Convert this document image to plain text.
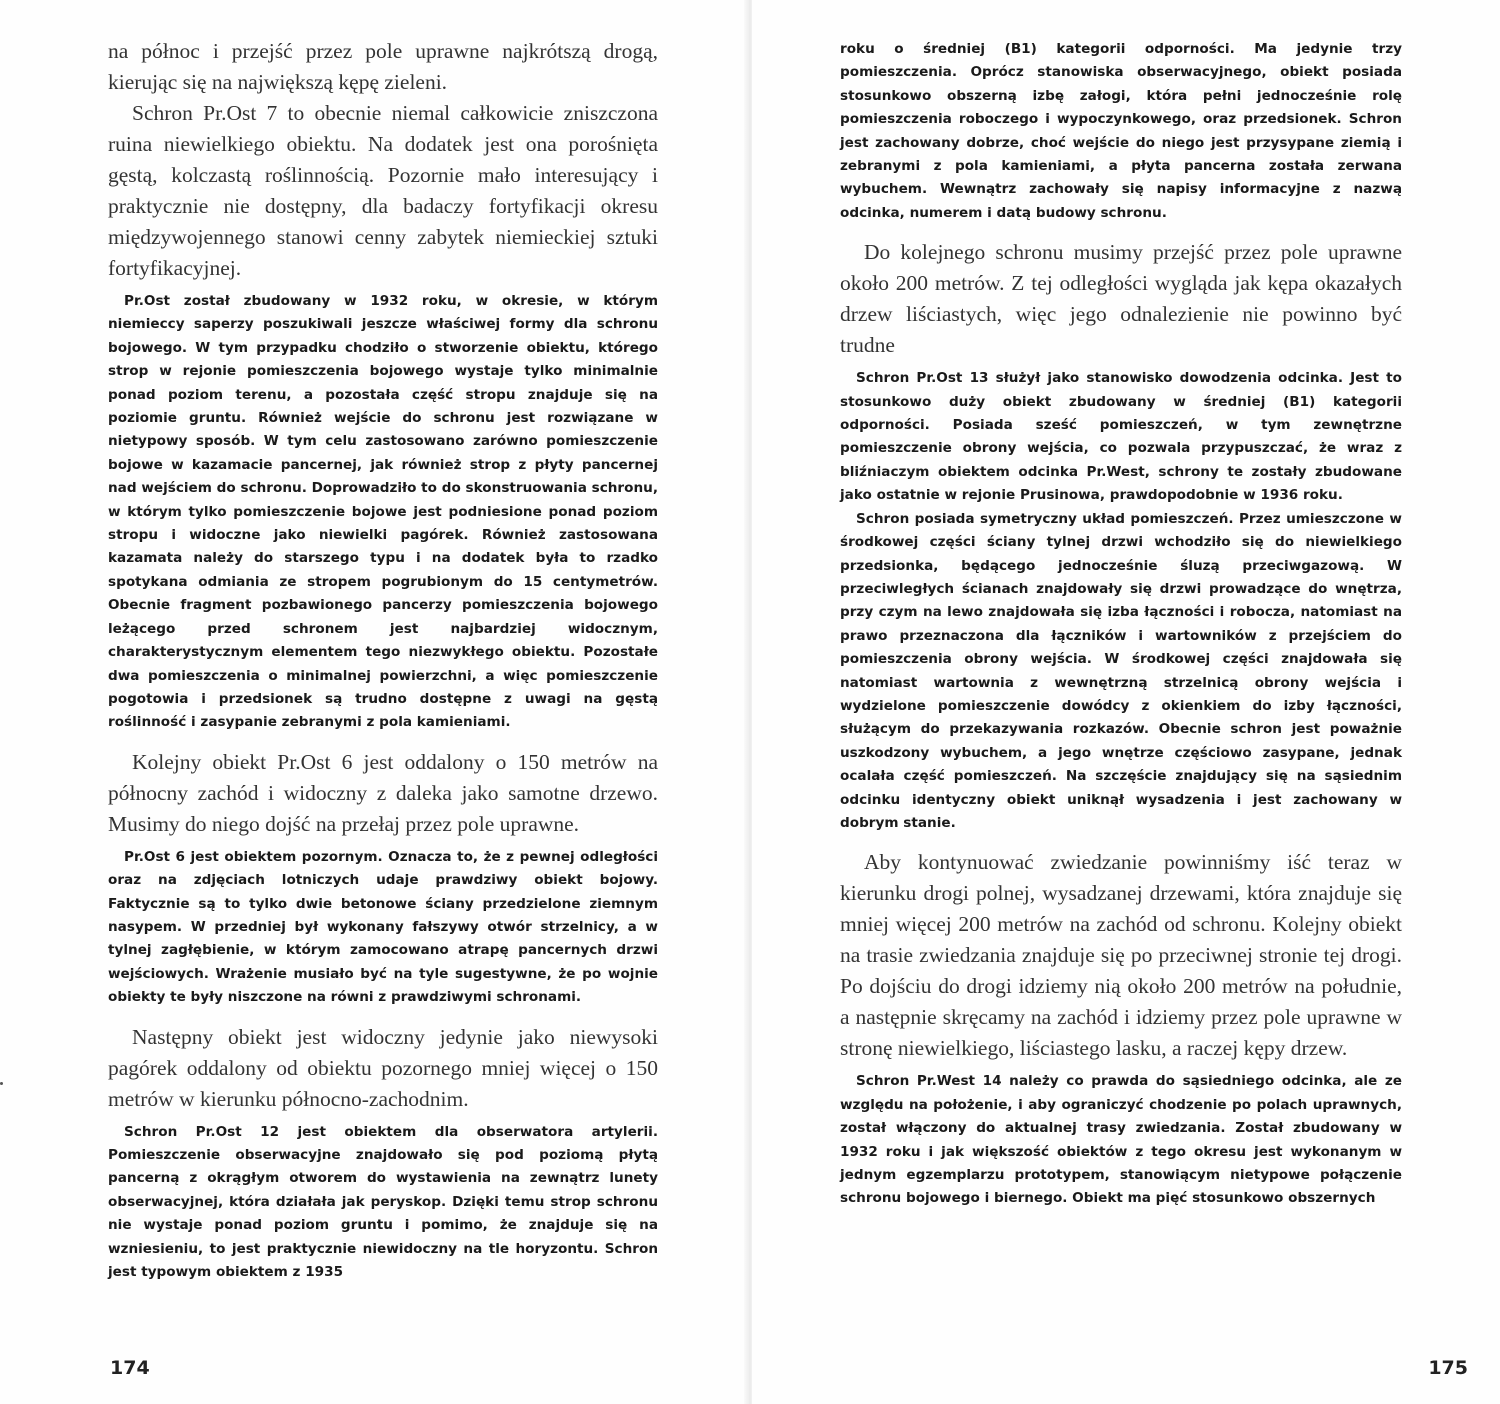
na północ i przejść przez pole uprawne najkrótszą drogą, kierując się na największą kępę zieleni.

Schron Pr.Ost 7 to obecnie niemal całkowicie zniszczona ruina niewielkiego obiektu. Na dodatek jest ona porośnięta gęstą, kolczastą roślinnością. Pozornie mało interesujący i praktycznie nie dostępny, dla badaczy fortyfikacji okresu międzywojennego stanowi cenny zabytek niemieckiej sztuki fortyfikacyjnej.

Pr.Ost został zbudowany w 1932 roku, w okresie, w którym niemieccy saperzy poszukiwali jeszcze właściwej formy dla schronu bojowego. W tym przypadku chodziło o stworzenie obiektu, którego strop w rejonie pomieszczenia bojowego wystaje tylko minimalnie ponad poziom terenu, a pozostała część stropu znajduje się na poziomie gruntu. Również wejście do schronu jest rozwiązane w nietypowy sposób. W tym celu zastosowano zarówno pomieszczenie bojowe w kazamacie pancernej, jak również strop z płyty pancernej nad wejściem do schronu. Doprowadziło to do skonstruowania schronu, w którym tylko pomieszczenie bojowe jest podniesione ponad poziom stropu i widoczne jako niewielki pagórek. Również zastosowana kazamata należy do starszego typu i na dodatek była to rzadko spotykana odmiania ze stropem pogrubionym do 15 centymetrów. Obecnie fragment pozbawionego pancerzy pomieszczenia bojowego leżącego przed schronem jest najbardziej widocznym, charakterystycznym elementem tego niezwykłego obiektu. Pozostałe dwa pomieszczenia o minimalnej powierzchni, a więc pomieszczenie pogotowia i przedsionek są trudno dostępne z uwagi na gęstą roślinność i zasypanie zebranymi z pola kamieniami.

Kolejny obiekt Pr.Ost 6 jest oddalony o 150 metrów na północny zachód i widoczny z daleka jako samotne drzewo. Musimy do niego dojść na przełaj przez pole uprawne.

Pr.Ost 6 jest obiektem pozornym. Oznacza to, że z pewnej odległości oraz na zdjęciach lotniczych udaje prawdziwy obiekt bojowy. Faktycznie są to tylko dwie betonowe ściany przedzielone ziemnym nasypem. W przedniej był wykonany fałszywy otwór strzelnicy, a w tylnej zagłębienie, w którym zamocowano atrapę pancernych drzwi wejściowych. Wrażenie musiało być na tyle sugestywne, że po wojnie obiekty te były niszczone na równi z prawdziwymi schronami.

Następny obiekt jest widoczny jedynie jako niewysoki pagórek oddalony od obiektu pozornego mniej więcej o 150 metrów w kierunku północno-zachodnim.

Schron Pr.Ost 12 jest obiektem dla obserwatora artylerii. Pomieszczenie obserwacyjne znajdowało się pod poziomą płytą pancerną z okrągłym otworem do wystawienia na zewnątrz lunety obserwacyjnej, która działała jak peryskop. Dzięki temu strop schronu nie wystaje ponad poziom gruntu i pomimo, że znajduje się na wzniesieniu, to jest praktycznie niewidoczny na tle horyzontu. Schron jest typowym obiektem z 1935

174

roku o średniej (B1) kategorii odporności. Ma jedynie trzy pomieszczenia. Oprócz stanowiska obserwacyjnego, obiekt posiada stosunkowo obszerną izbę załogi, która pełni jednocześnie rolę pomieszczenia roboczego i wypoczynkowego, oraz przedsionek. Schron jest zachowany dobrze, choć wejście do niego jest przysypane ziemią i zebranymi z pola kamieniami, a płyta pancerna została zerwana wybuchem. Wewnątrz zachowały się napisy informacyjne z nazwą odcinka, numerem i datą budowy schronu.

Do kolejnego schronu musimy przejść przez pole uprawne około 200 metrów. Z tej odległości wygląda jak kępa okazałych drzew liściastych, więc jego odnalezienie nie powinno być trudne

Schron Pr.Ost 13 służył jako stanowisko dowodzenia odcinka. Jest to stosunkowo duży obiekt zbudowany w średniej (B1) kategorii odporności. Posiada sześć pomieszczeń, w tym zewnętrzne pomieszczenie obrony wejścia, co pozwala przypuszczać, że wraz z bliźniaczym obiektem odcinka Pr.West, schrony te zostały zbudowane jako ostatnie w rejonie Prusinowa, prawdopodobnie w 1936 roku.

Schron posiada symetryczny układ pomieszczeń. Przez umieszczone w środkowej części ściany tylnej drzwi wchodziło się do niewielkiego przedsionka, będącego jednocześnie śluzą przeciwgazową. W przeciwległych ścianach znajdowały się drzwi prowadzące do wnętrza, przy czym na lewo znajdowała się izba łączności i robocza, natomiast na prawo przeznaczona dla łączników i wartowników z przejściem do pomieszczenia obrony wejścia. W środkowej części znajdowała się natomiast wartownia z wewnętrzną strzelnicą obrony wejścia i wydzielone pomieszczenie dowódcy z okienkiem do izby łączności, służącym do przekazywania rozkazów. Obecnie schron jest poważnie uszkodzony wybuchem, a jego wnętrze częściowo zasypane, jednak ocalała część pomieszczeń. Na szczęście znajdujący się na sąsiednim odcinku identyczny obiekt uniknął wysadzenia i jest zachowany w dobrym stanie.

Aby kontynuować zwiedzanie powinniśmy iść teraz w kierunku drogi polnej, wysadzanej drzewami, która znajduje się mniej więcej 200 metrów na zachód od schronu. Kolejny obiekt na trasie zwiedzania znajduje się po przeciwnej stronie tej drogi. Po dojściu do drogi idziemy nią około 200 metrów na południe, a następnie skręcamy na zachód i idziemy przez pole uprawne w stronę niewielkiego, liściastego lasku, a raczej kępy drzew.

Schron Pr.West 14 należy co prawda do sąsiedniego odcinka, ale ze względu na położenie, i aby ograniczyć chodzenie po polach uprawnych, został włączony do aktualnej trasy zwiedzania. Został zbudowany w 1932 roku i jak większość obiektów z tego okresu jest wykonanym w jednym egzemplarzu prototypem, stanowiącym nietypowe połączenie schronu bojowego i biernego. Obiekt ma pięć stosunkowo obszernych

175
